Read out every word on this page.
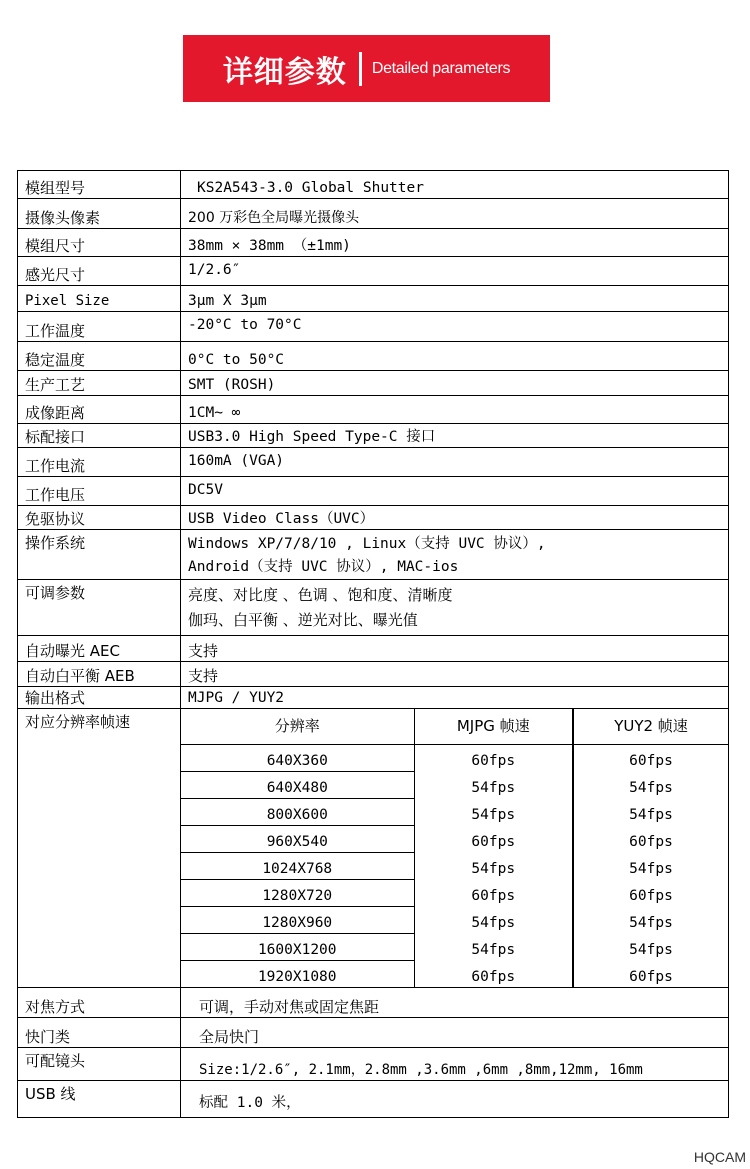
详细参数 Detailed parameters
模组型号	KS2A543-3.0 Global Shutter
摄像头像素	200 万彩色全局曝光摄像头
模组尺寸	38mm × 38mm （±1mm)
感光尺寸	1/2.6″
Pixel Size	3μm X 3μm
工作温度	-20°C to 70°C
稳定温度	0°C to 50°C
生产工艺	SMT (ROSH)
成像距离	1CM~ ∞
标配接口	USB3.0 High Speed Type-C 接口
工作电流	160mA (VGA)
工作电压	DC5V
免驱协议	USB Video Class（UVC）
操作系统	Windows XP/7/8/10 , Linux（支持 UVC 协议）,
Android（支持 UVC 协议）, MAC-ios

可调参数	亮度、对比度 、色调 、饱和度、清晰度
伽玛、白平衡 、逆光对比、曝光值

自动曝光 AEC	支持
自动白平衡 AEB	支持
输出格式	MJPG / YUY2
对应分辨率帧速		分辨率	MJPG 帧速	YUY2 帧速
640X360	60fps	60fps
640X480	54fps	54fps
800X600	54fps	54fps
960X540	60fps	60fps
1024X768	54fps	54fps
1280X720	60fps	60fps
1280X960	54fps	54fps
1600X1200	54fps	54fps
1920X1080	60fps	60fps

对焦方式	可调，手动对焦或固定焦距
快门类	全局快门
可配镜头	Size:1/2.6″, 2.1mm，2.8mm ,3.6mm ,6mm ,8mm,12mm, 16mm
USB 线	标配 1.0 米，
HQCAM
